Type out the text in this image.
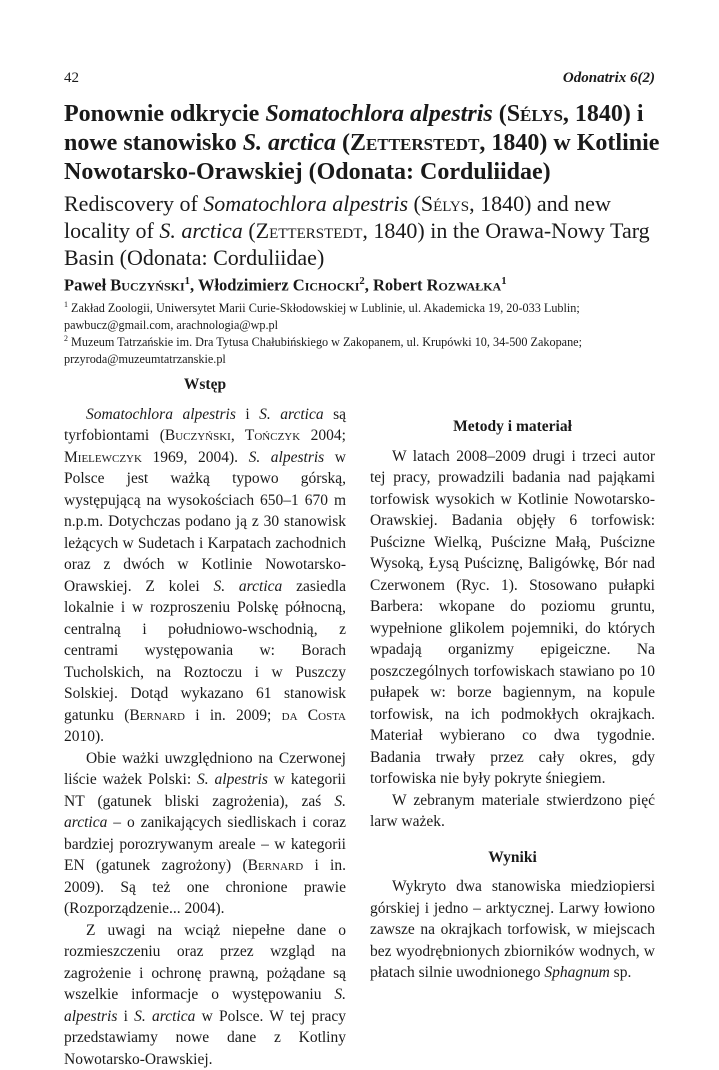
42	Odonatrix 6(2)
Ponownie odkrycie Somatochlora alpestris (Sélys, 1840) i nowe stanowisko S. arctica (Zetterstedt, 1840) w Kotlinie Nowotarsko-Orawskiej (Odonata: Corduliidae)
Rediscovery of Somatochlora alpestris (Sélys, 1840) and new locality of S. arctica (Zetterstedt, 1840) in the Orawa-Nowy Targ Basin (Odonata: Corduliidae)
Paweł Buczyński$^1$, Włodzimierz Cichocki$^2$, Robert Rozwałka$^1$
$^1$ Zakład Zoologii, Uniwersytet Marii Curie-Skłodowskiej w Lublinie, ul. Akademicka 19, 20-033 Lublin; pawbucz@gmail.com, arachnologia@wp.pl
$^2$ Muzeum Tatrzańskie im. Dra Tytusa Chałubińskiego w Zakopanem, ul. Krupówki 10, 34-500 Zakopane; przyroda@muzeumtatrzanskie.pl
Wstęp

Somatochlora alpestris i S. arctica są tyrfobiontami (Buczyński, Tończyk 2004; Mielewczyk 1969, 2004). S. alpestris w Polsce jest ważką typowo górską, występującą na wysokościach 650–1 670 m n.p.m. Dotychczas podano ją z 30 stanowisk leżących w Sudetach i Karpatach zachodnich oraz z dwóch w Kotlinie Nowotarsko-Orawskiej. Z kolei S. arctica zasiedla lokalnie i w rozproszeniu Polskę północną, centralną i południowo-wschodnią, z centrami występowania w: Borach Tucholskich, na Roztoczu i w Puszczy Solskiej. Dotąd wykazano 61 stanowisk gatunku (Bernard i in. 2009; da Costa 2010).

Obie ważki uwzględniono na Czerwonej liście ważek Polski: S. alpestris w kategorii NT (gatunek bliski zagrożenia), zaś S. arctica – o zanikających siedliskach i coraz bardziej porozrywanym areale – w kategorii EN (gatunek zagrożony) (Bernard i in. 2009). Są też one chronione prawie (Rozporządzenie... 2004).

Z uwagi na wciąż niepełne dane o rozmieszczeniu oraz przez wzgląd na zagrożenie i ochronę prawną, pożądane są wszelkie informacje o występowaniu S. alpestris i S. arctica w Polsce. W tej pracy przedstawiamy nowe dane z Kotliny Nowotarsko-Orawskiej.

Metody i materiał

W latach 2008–2009 drugi i trzeci autor tej pracy, prowadzili badania nad pająkami torfowisk wysokich w Kotlinie Nowotarsko-Orawskiej. Badania objęły 6 torfowisk: Puścizne Wielką, Puścizne Małą, Puścizne Wysoką, Łysą Puściznę, Baligówkę, Bór nad Czerwonem (Ryc. 1). Stosowano pułapki Barbera: wkopane do poziomu gruntu, wypełnione glikolem pojemniki, do których wpadają organizmy epigeiczne. Na poszczególnych torfowiskach stawiano po 10 pułapek w: borze bagiennym, na kopule torfowisk, na ich podmokłych okrajkach. Materiał wybierano co dwa tygodnie. Badania trwały przez cały okres, gdy torfowiska nie były pokryte śniegiem.

W zebranym materiale stwierdzono pięć larw ważek.

Wyniki

Wykryto dwa stanowiska miedziopiersi górskiej i jedno – arktycznej. Larwy łowiono zawsze na okrajkach torfowisk, w miejscach bez wyodrębnionych zbiorników wodnych, w płatach silnie uwodnionego Sphagnum sp.
